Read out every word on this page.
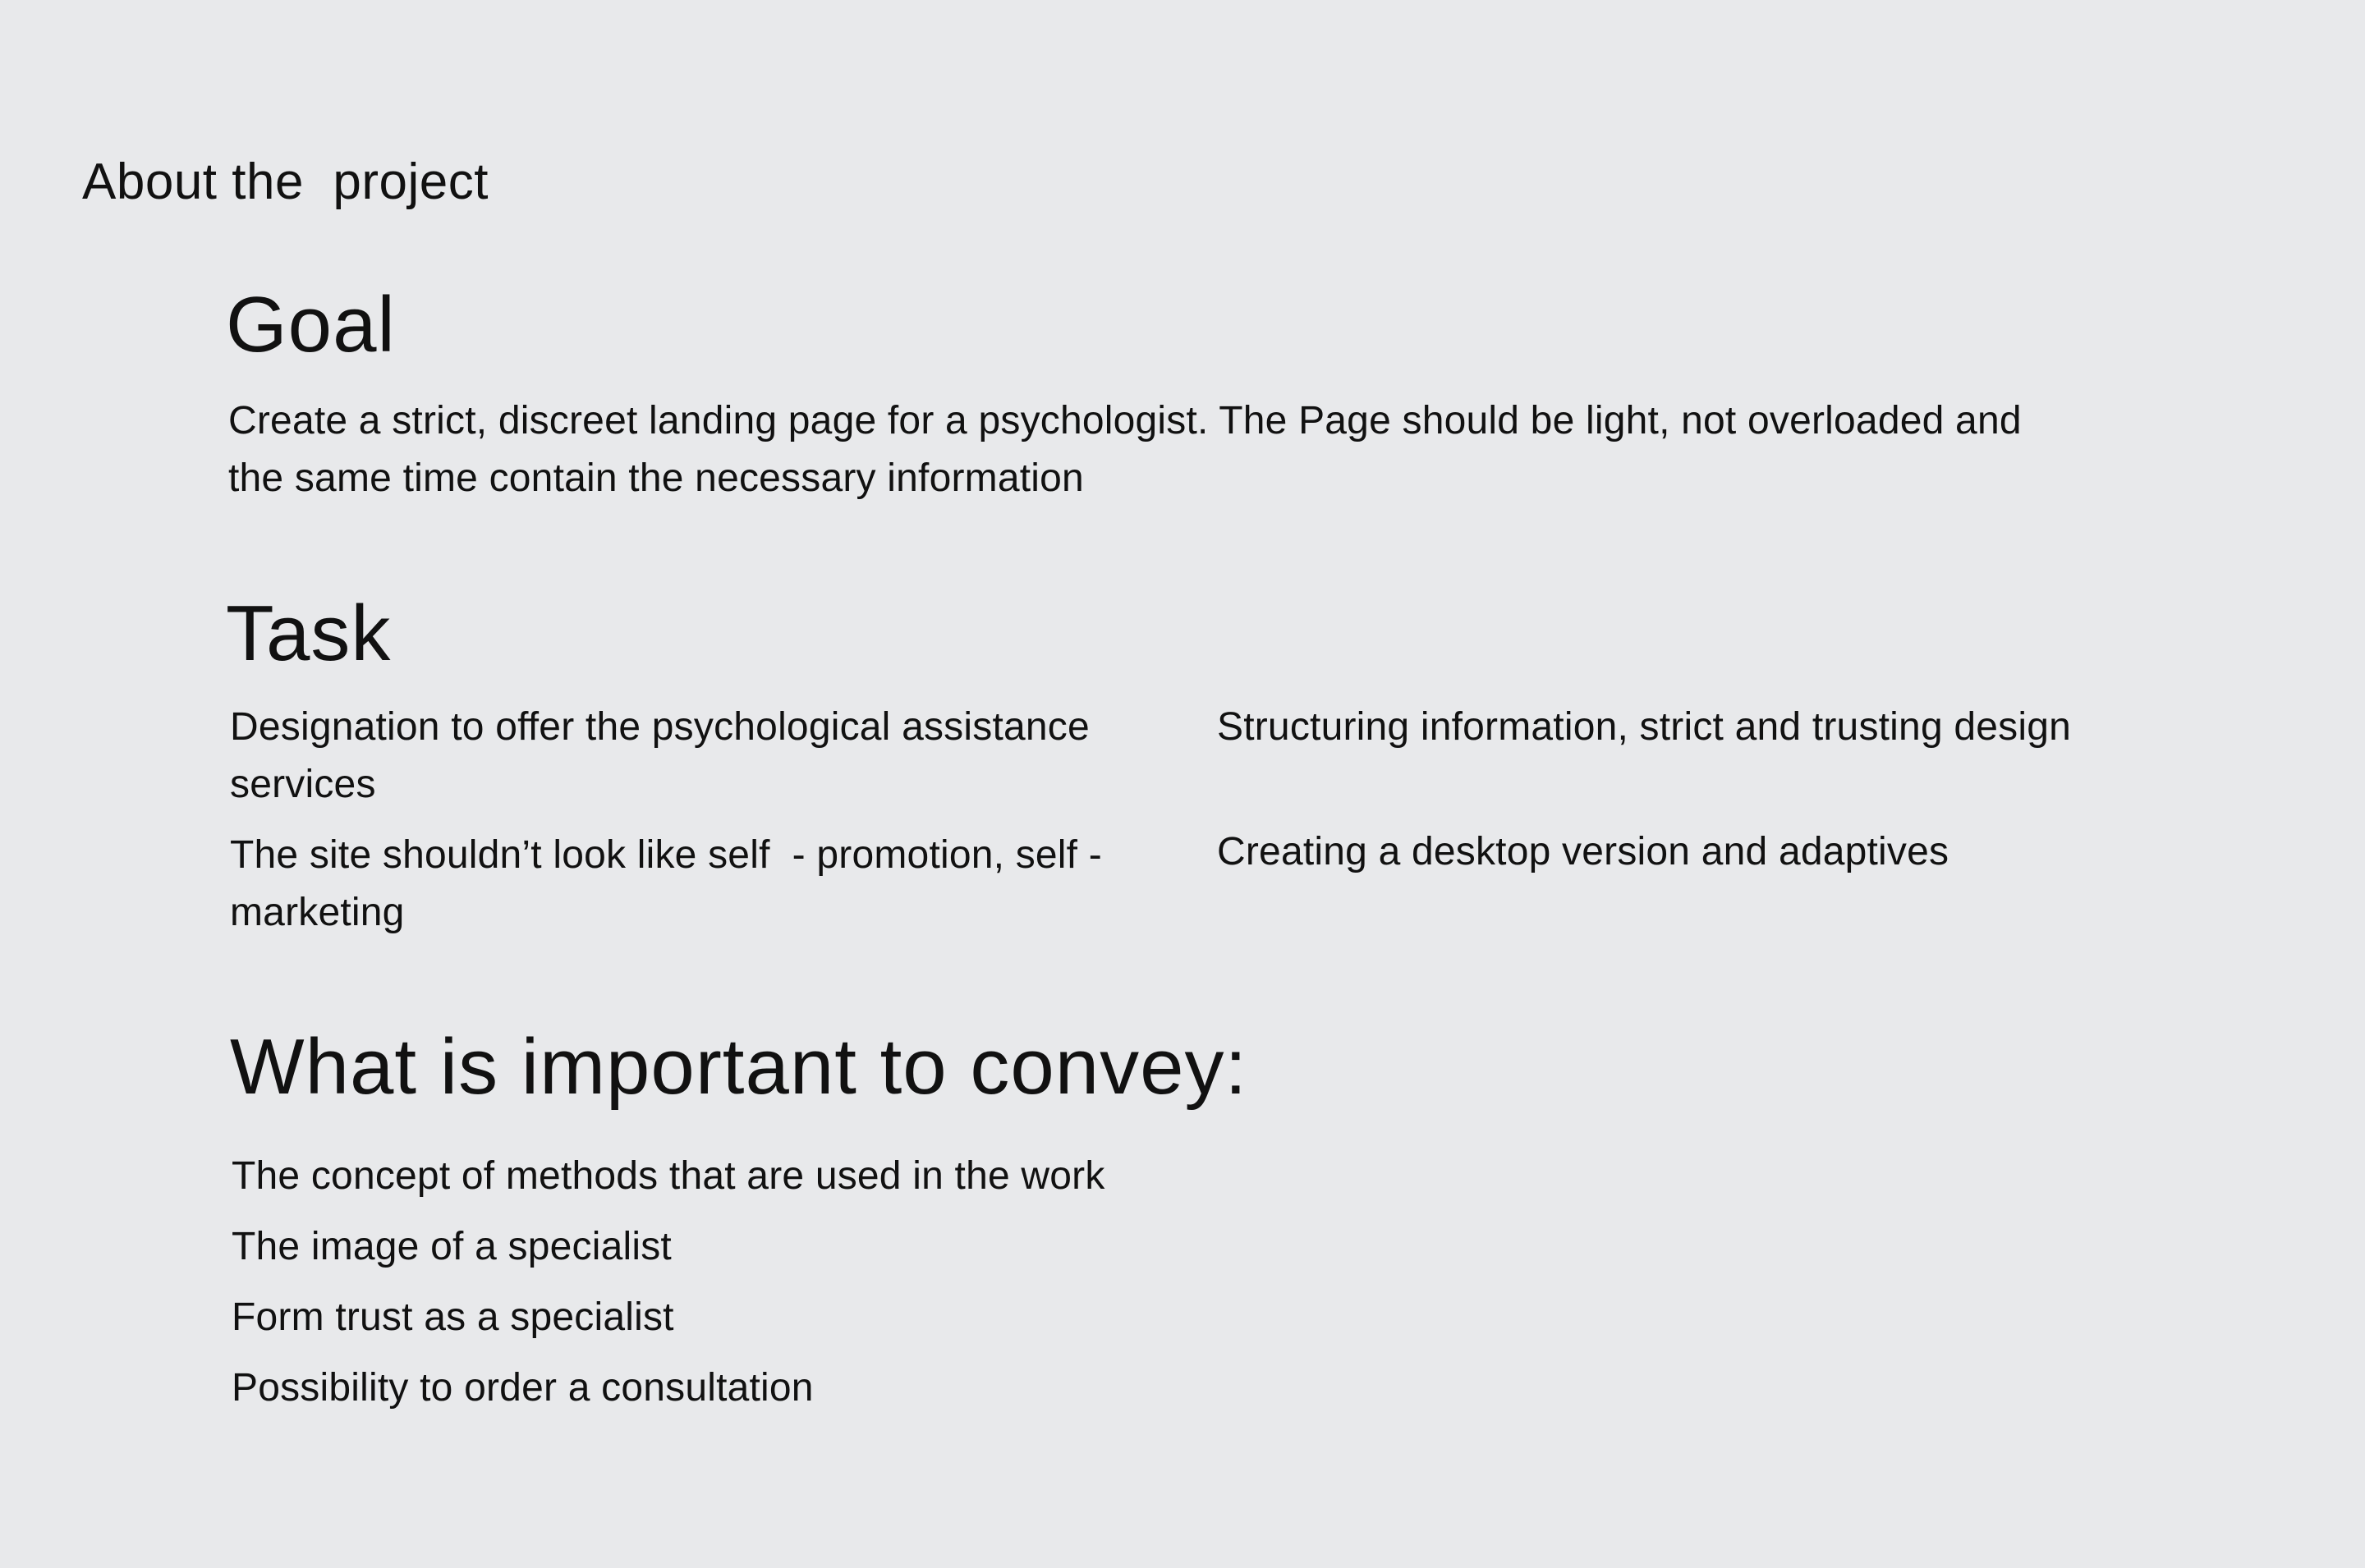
About the  project
Goal

Create a strict, discreet landing page for a psychologist. The Page should be light, not overloaded and the same time contain the necessary information

Task

Designation to offer the psychological assistance services

Structuring information, strict and trusting design

The site shouldn’t look like self  - promotion, self - marketing

Creating a desktop version and adaptives

What is important to convey:
The concept of methods that are used in the work
The image of a specialist
Form trust as a specialist
Possibility to order a consultation
